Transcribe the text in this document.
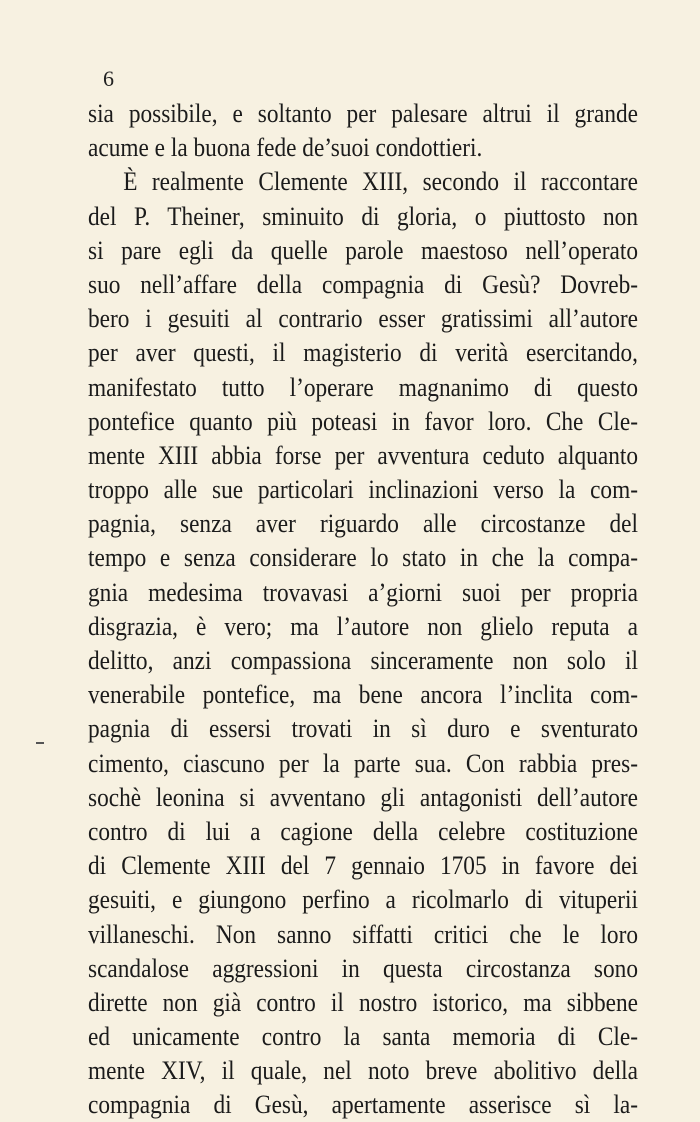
6
sia possibile, e soltanto per palesare altrui il grande
acume e la buona fede de’suoi condottieri.
È realmente Clemente XIII, secondo il raccontare
del P. Theiner, sminuito di gloria, o piuttosto non
si pare egli da quelle parole maestoso nell’operato
suo nell’affare della compagnia di Gesù? Dovreb-
bero i gesuiti al contrario esser gratissimi all’autore
per aver questi, il magisterio di verità esercitando,
manifestato tutto l’operare magnanimo di questo
pontefice quanto più poteasi in favor loro. Che Cle-
mente XIII abbia forse per avventura ceduto alquanto
troppo alle sue particolari inclinazioni verso la com-
pagnia, senza aver riguardo alle circostanze del
tempo e senza considerare lo stato in che la compa-
gnia medesima trovavasi a’giorni suoi per propria
disgrazia, è vero; ma l’autore non glielo reputa a
delitto, anzi compassiona sinceramente non solo il
venerabile pontefice, ma bene ancora l’inclita com-
pagnia di essersi trovati in sì duro e sventurato
cimento, ciascuno per la parte sua. Con rabbia pres-
sochè leonina si avventano gli antagonisti dell’autore
contro di lui a cagione della celebre costituzione
di Clemente XIII del 7 gennaio 1705 in favore dei
gesuiti, e giungono perfino a ricolmarlo di vituperii
villaneschi. Non sanno siffatti critici che le loro
scandalose aggressioni in questa circostanza sono
dirette non già contro il nostro istorico, ma sibbene
ed unicamente contro la santa memoria di Cle-
mente XIV, il quale, nel noto breve abolitivo della
compagnia di Gesù, apertamente asserisce sì la-
